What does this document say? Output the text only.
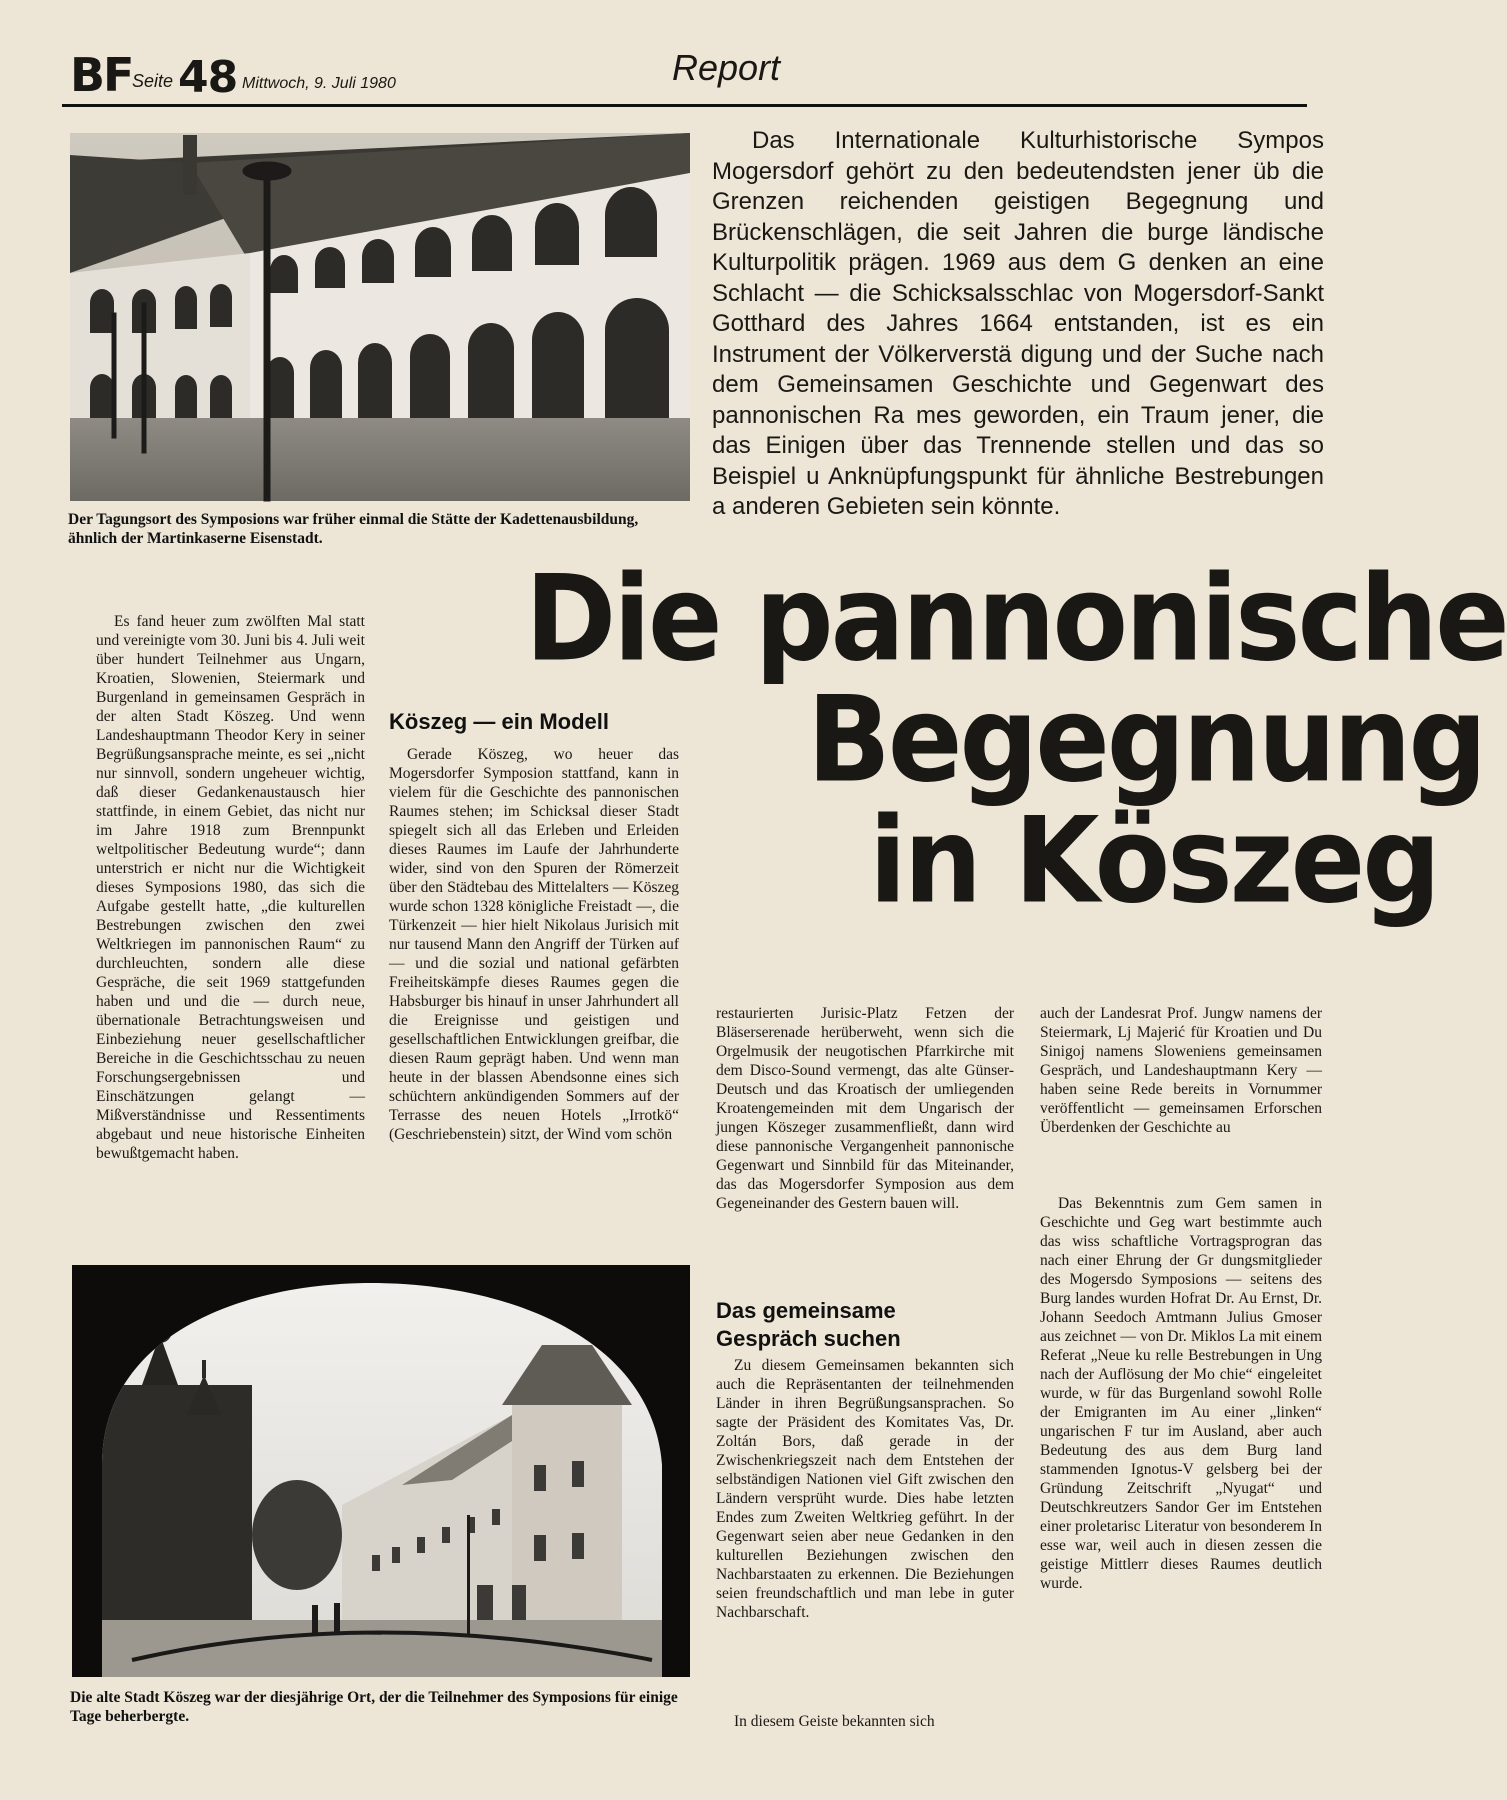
BF Seite 48 Mittwoch, 9. Juli 1980	Report
Der Tagungsort des Symposions war früher einmal die Stätte der Kadettenausbildung, ähnlich der Martinkaserne Eisenstadt.
Das Internationale Kulturhistorische Sympos Mogersdorf gehört zu den bedeutendsten jener üb die Grenzen reichenden geistigen Begegnung und Brückenschlägen, die seit Jahren die burge ländische Kulturpolitik prägen. 1969 aus dem G denken an eine Schlacht — die Schicksalsschlac von Mogersdorf-Sankt Gotthard des Jahres 1664 entstanden, ist es ein Instrument der Völkerverstä digung und der Suche nach dem Gemeinsamen Geschichte und Gegenwart des pannonischen Ra mes geworden, ein Traum jener, die das Einigen über das Trennende stellen und das so Beispiel u Anknüpfungspunkt für ähnliche Bestrebungen a anderen Gebieten sein könnte.
Die pannonische
Begegnung
in Köszeg
Es fand heuer zum zwölften Mal statt und vereinigte vom 30. Juni bis 4. Juli weit über hundert Teilnehmer aus Ungarn, Kroatien, Slowenien, Steiermark und Burgenland in gemeinsamen Gespräch in der alten Stadt Köszeg. Und wenn Landeshauptmann Theodor Kery in seiner Begrüßungsansprache meinte, es sei „nicht nur sinnvoll, sondern ungeheuer wichtig, daß dieser Gedankenaustausch hier stattfinde, in einem Gebiet, das nicht nur im Jahre 1918 zum Brennpunkt weltpolitischer Bedeutung wurde“; dann unterstrich er nicht nur die Wichtigkeit dieses Symposions 1980, das sich die Aufgabe gestellt hatte, „die kulturellen Bestrebungen zwischen den zwei Weltkriegen im pannonischen Raum“ zu durchleuchten, sondern alle diese Gespräche, die seit 1969 stattgefunden haben und und die — durch neue, übernationale Betrachtungsweisen und Einbeziehung neuer gesellschaftlicher Bereiche in die Geschichtsschau zu neuen Forschungsergebnissen und Einschätzungen gelangt — Mißverständnisse und Ressentiments abgebaut und neue historische Einheiten bewußtgemacht haben.
Köszeg — ein Modell
Gerade Köszeg, wo heuer das Mogersdorfer Symposion stattfand, kann in vielem für die Geschichte des pannonischen Raumes stehen; im Schicksal dieser Stadt spiegelt sich all das Erleben und Erleiden dieses Raumes im Laufe der Jahrhunderte wider, sind von den Spuren der Römerzeit über den Städtebau des Mittelalters — Köszeg wurde schon 1328 königliche Freistadt —, die Türkenzeit — hier hielt Nikolaus Jurisich mit nur tausend Mann den Angriff der Türken auf — und die sozial und national gefärbten Freiheitskämpfe dieses Raumes gegen die Habsburger bis hinauf in unser Jahrhundert all die Ereignisse und geistigen und gesellschaftlichen Entwicklungen greifbar, die diesen Raum geprägt haben. Und wenn man heute in der blassen Abendsonne eines sich schüchtern ankündigenden Sommers auf der Terrasse des neuen Hotels „Irrotkö“ (Geschriebenstein) sitzt, der Wind vom schön
restaurierten Jurisic-Platz Fetzen der Bläserserenade herüberweht, wenn sich die Orgelmusik der neugotischen Pfarrkirche mit dem Disco-Sound vermengt, das alte Günser-Deutsch und das Kroatisch der umliegenden Kroatengemeinden mit dem Ungarisch der jungen Köszeger zusammenfließt, dann wird diese pannonische Vergangenheit pannonische Gegenwart und Sinnbild für das Miteinander, das das Mogersdorfer Symposion aus dem Gegeneinander des Gestern bauen will.
Das gemeinsame Gespräch suchen
Zu diesem Gemeinsamen bekannten sich auch die Repräsentanten der teilnehmenden Länder in ihren Begrüßungsansprachen. So sagte der Präsident des Komitates Vas, Dr. Zoltán Bors, daß gerade in der Zwischenkriegszeit nach dem Entstehen der selbständigen Nationen viel Gift zwischen den Ländern versprüht wurde. Dies habe letzten Endes zum Zweiten Weltkrieg geführt. In der Gegenwart seien aber neue Gedanken in den kulturellen Beziehungen zwischen den Nachbarstaaten zu erkennen. Die Beziehungen seien freundschaftlich und man lebe in guter Nachbarschaft.
In diesem Geiste bekannten sich
auch der Landesrat Prof. Jungw namens der Steiermark, Lj Majerić für Kroatien und Du Sinigoj namens Sloweniens gemeinsamen Gespräch, und Landeshauptmann Kery — haben seine Rede bereits in Vornummer veröffentlicht — gemeinsamen Erforschen Überdenken der Geschichte au
Das Bekenntnis zum Gem samen in Geschichte und Geg wart bestimmte auch das wiss schaftliche Vortragsprogran das nach einer Ehrung der Gr dungsmitglieder des Mogersdo Symposions — seitens des Burg landes wurden Hofrat Dr. Au Ernst, Dr. Johann Seedoch Amtmann Julius Gmoser aus zeichnet — von Dr. Miklos La mit einem Referat „Neue ku relle Bestrebungen in Ung nach der Auflösung der Mo chie“ eingeleitet wurde, w für das Burgenland sowohl Rolle der Emigranten im Au einer „linken“ ungarischen F tur im Ausland, aber auch Bedeutung des aus dem Burg land stammenden Ignotus-V gelsberg bei der Gründung Zeitschrift „Nyugat“ und Deutschkreutzers Sandor Ger im Entstehen einer proletarisc Literatur von besonderem In esse war, weil auch in diesen zessen die geistige Mittlerr dieses Raumes deutlich wurde.
Die alte Stadt Köszeg war der diesjährige Ort, der die Teilnehmer des Symposions für einige Tage beherbergte.
